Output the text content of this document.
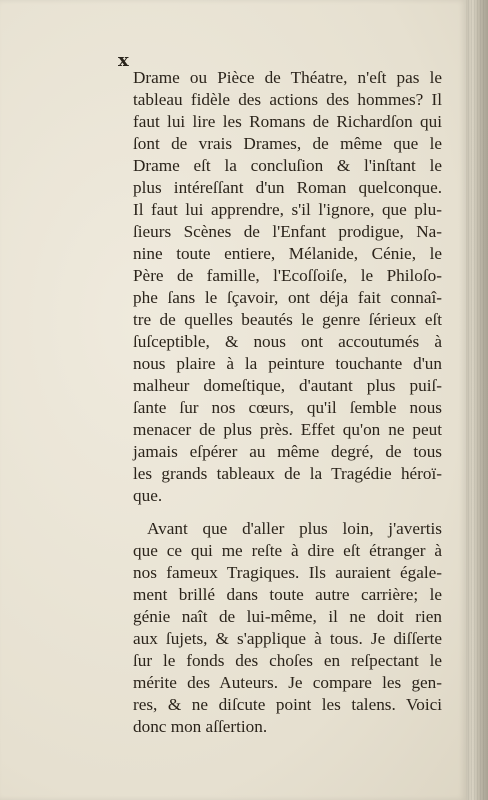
x
Drame ou Pièce de Théatre, n'eſt pas le
tableau fidèle des actions des hommes? Il
faut lui lire les Romans de Richardſon qui
ſont de vrais Drames, de même que le
Drame eſt la concluſion & l'inſtant le
plus intéreſſant d'un Roman quelconque.
Il faut lui apprendre, s'il l'ignore, que plu-
ſieurs Scènes de l'Enfant prodigue, Na-
nine toute entiere, Mélanide, Cénie, le
Père de famille, l'Ecoſſoiſe, le Philoſo-
phe ſans le ſçavoir, ont déja fait connaî-
tre de quelles beautés le genre ſérieux eſt
ſuſceptible, & nous ont accoutumés à
nous plaire à la peinture touchante d'un
malheur domeſtique, d'autant plus puiſ-
ſante ſur nos cœurs, qu'il ſemble nous
menacer de plus près. Effet qu'on ne peut
jamais eſpérer au même degré, de tous
les grands tableaux de la Tragédie héroï-
que.
Avant que d'aller plus loin, j'avertis
que ce qui me reſte à dire eſt étranger à
nos fameux Tragiques. Ils auraient égale-
ment brillé dans toute autre carrière; le
génie naît de lui-même, il ne doit rien
aux ſujets, & s'applique à tous. Je diſſerte
ſur le fonds des choſes en reſpectant le
mérite des Auteurs. Je compare les gen-
res, & ne diſcute point les talens. Voici
donc mon aſſertion.
